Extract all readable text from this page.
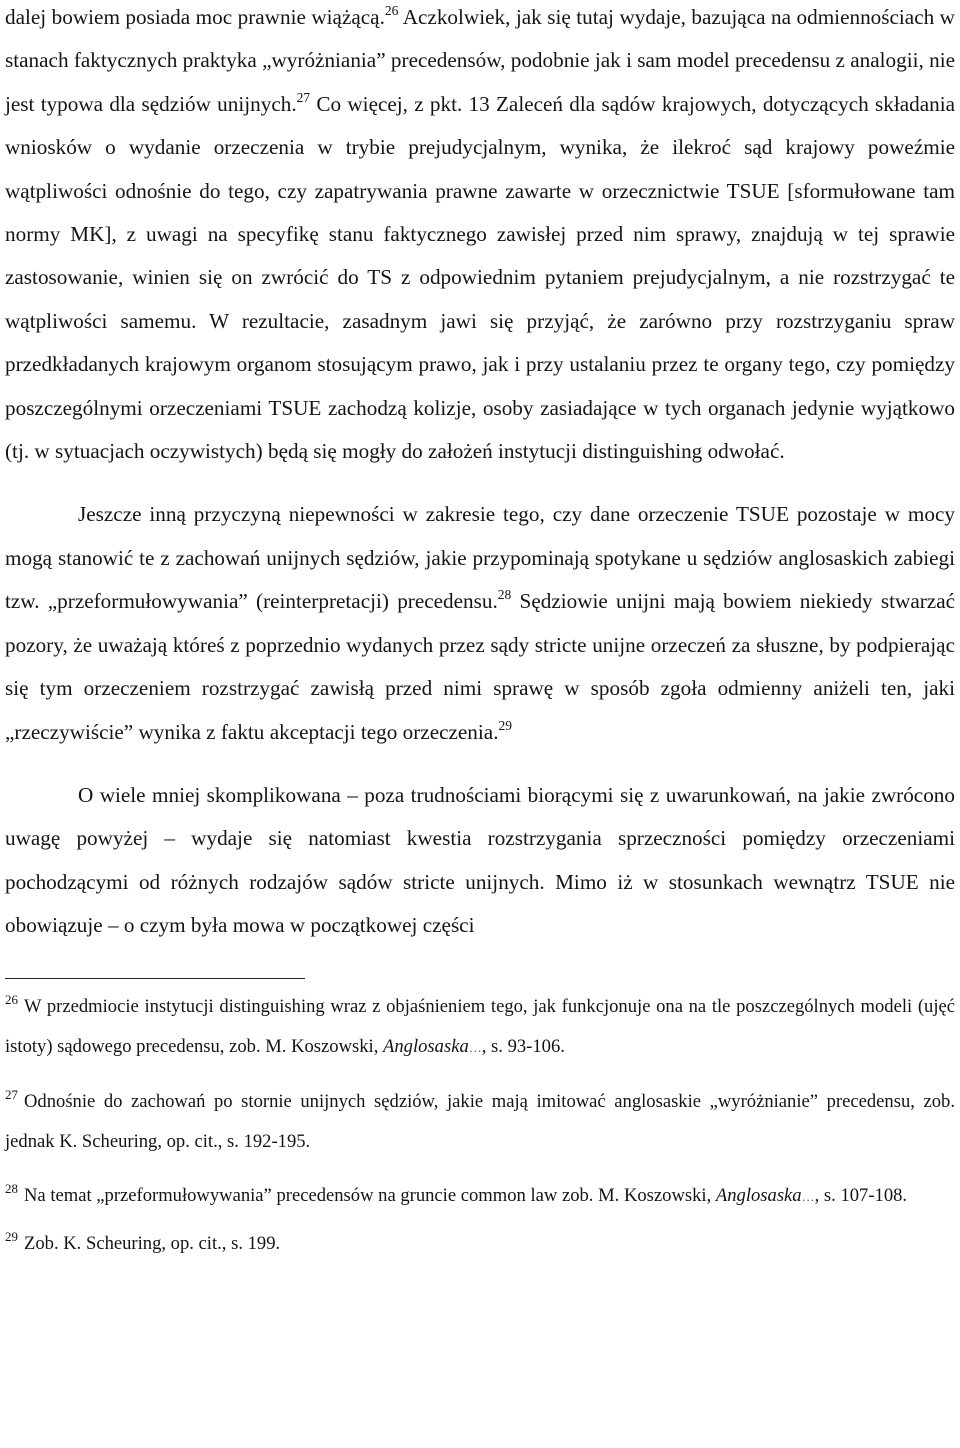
dalej bowiem posiada moc prawnie wiążącą.$^{26}$ Aczkolwiek, jak się tutaj wydaje, bazująca na odmiennościach w stanach faktycznych praktyka „wyróżniania” precedensów, podobnie jak i sam model precedensu z analogii, nie jest typowa dla sędziów unijnych.$^{27}$ Co więcej, z pkt. 13 Zaleceń dla sądów krajowych, dotyczących składania wniosków o wydanie orzeczenia w trybie prejudycjalnym, wynika, że ilekroć sąd krajowy poweźmie wątpliwości odnośnie do tego, czy zapatrywania prawne zawarte w orzecznictwie TSUE [sformułowane tam normy MK], z uwagi na specyfikę stanu faktycznego zawisłej przed nim sprawy, znajdują w tej sprawie zastosowanie, winien się on zwrócić do TS z odpowiednim pytaniem prejudycjalnym, a nie rozstrzygać te wątpliwości samemu. W rezultacie, zasadnym jawi się przyjąć, że zarówno przy rozstrzyganiu spraw przedkładanych krajowym organom stosującym prawo, jak i przy ustalaniu przez te organy tego, czy pomiędzy poszczególnymi orzeczeniami TSUE zachodzą kolizje, osoby zasiadające w tych organach jedynie wyjątkowo (tj. w sytuacjach oczywistych) będą się mogły do założeń instytucji distinguishing odwołać.

Jeszcze inną przyczyną niepewności w zakresie tego, czy dane orzeczenie TSUE pozostaje w mocy mogą stanowić te z zachowań unijnych sędziów, jakie przypominają spotykane u sędziów anglosaskich zabiegi tzw. „przeformułowywania” (reinterpretacji) precedensu.$^{28}$ Sędziowie unijni mają bowiem niekiedy stwarzać pozory, że uważają któreś z poprzednio wydanych przez sądy stricte unijne orzeczeń za słuszne, by podpierając się tym orzeczeniem rozstrzygać zawisłą przed nimi sprawę w sposób zgoła odmienny aniżeli ten, jaki „rzeczywiście” wynika z faktu akceptacji tego orzeczenia.$^{29}$

O wiele mniej skomplikowana – poza trudnościami biorącymi się z uwarunkowań, na jakie zwrócono uwagę powyżej – wydaje się natomiast kwestia rozstrzygania sprzeczności pomiędzy orzeczeniami pochodzącymi od różnych rodzajów sądów stricte unijnych. Mimo iż w stosunkach wewnątrz TSUE nie obowiązuje – o czym była mowa w początkowej części

$^{26}$ W przedmiocie instytucji distinguishing wraz z objaśnieniem tego, jak funkcjonuje ona na tle poszczególnych modeli (ujęć istoty) sądowego precedensu, zob. M. Koszowski, Anglosaska…, s. 93-106.

$^{27}$ Odnośnie do zachowań po stornie unijnych sędziów, jakie mają imitować anglosaskie „wyróżnianie” precedensu, zob. jednak K. Scheuring, op. cit., s. 192-195.

$^{28}$ Na temat „przeformułowywania” precedensów na gruncie common law zob. M. Koszowski, Anglosaska…, s. 107-108.

$^{29}$ Zob. K. Scheuring, op. cit., s. 199.
